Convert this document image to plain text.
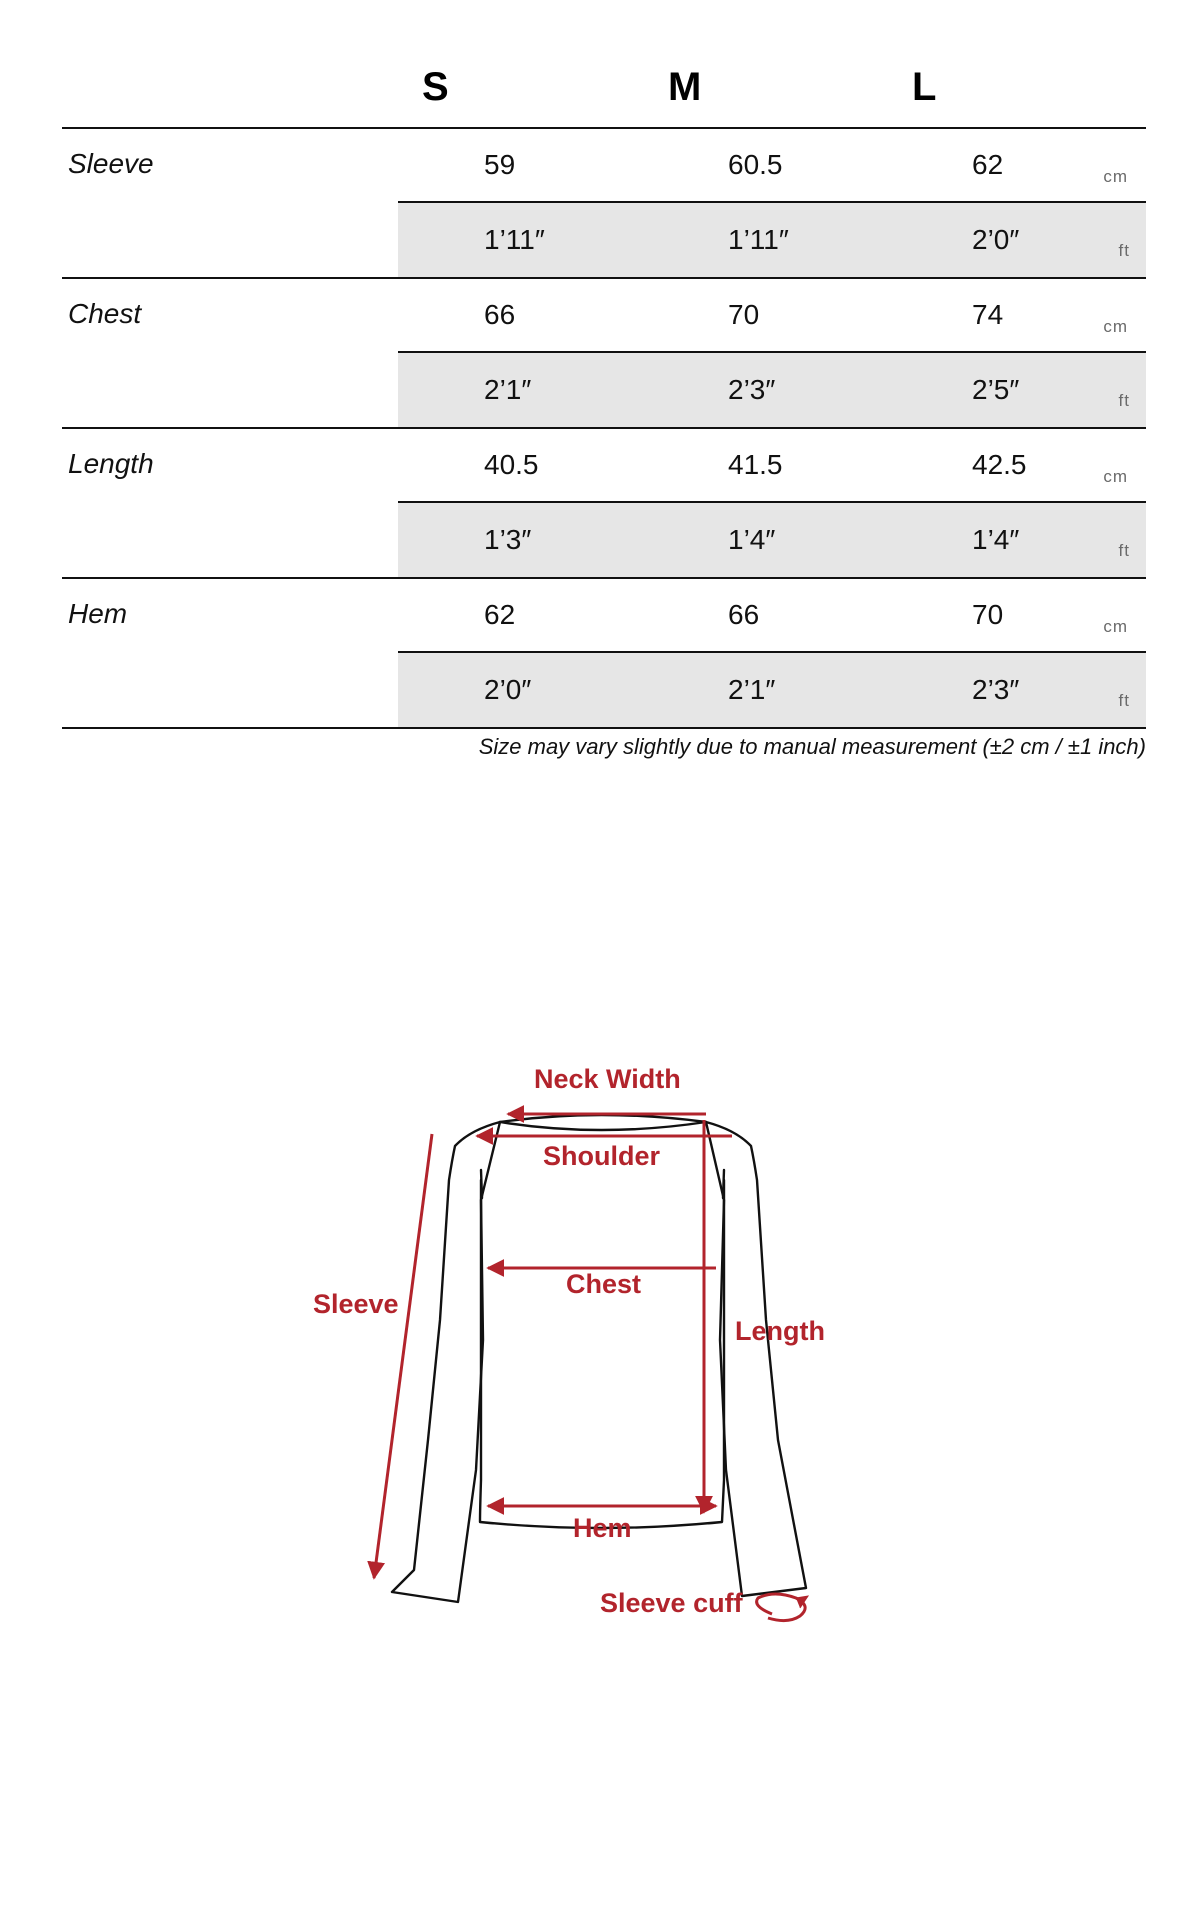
S	M	L
Sleeve	59	60.5	62	cm
1’11″	1’11″	2’0″	ft
Chest	66	70	74	cm
2’1″	2’3″	2’5″	ft
Length	40.5	41.5	42.5	cm
1’3″	1’4″	1’4″	ft
Hem	62	66	70	cm
2’0″	2’1″	2’3″	ft
Size may vary slightly due to manual measurement (±2 cm / ±1 inch)
Neck Width
Shoulder
Chest
Sleeve
Length
Hem
Sleeve cuff
